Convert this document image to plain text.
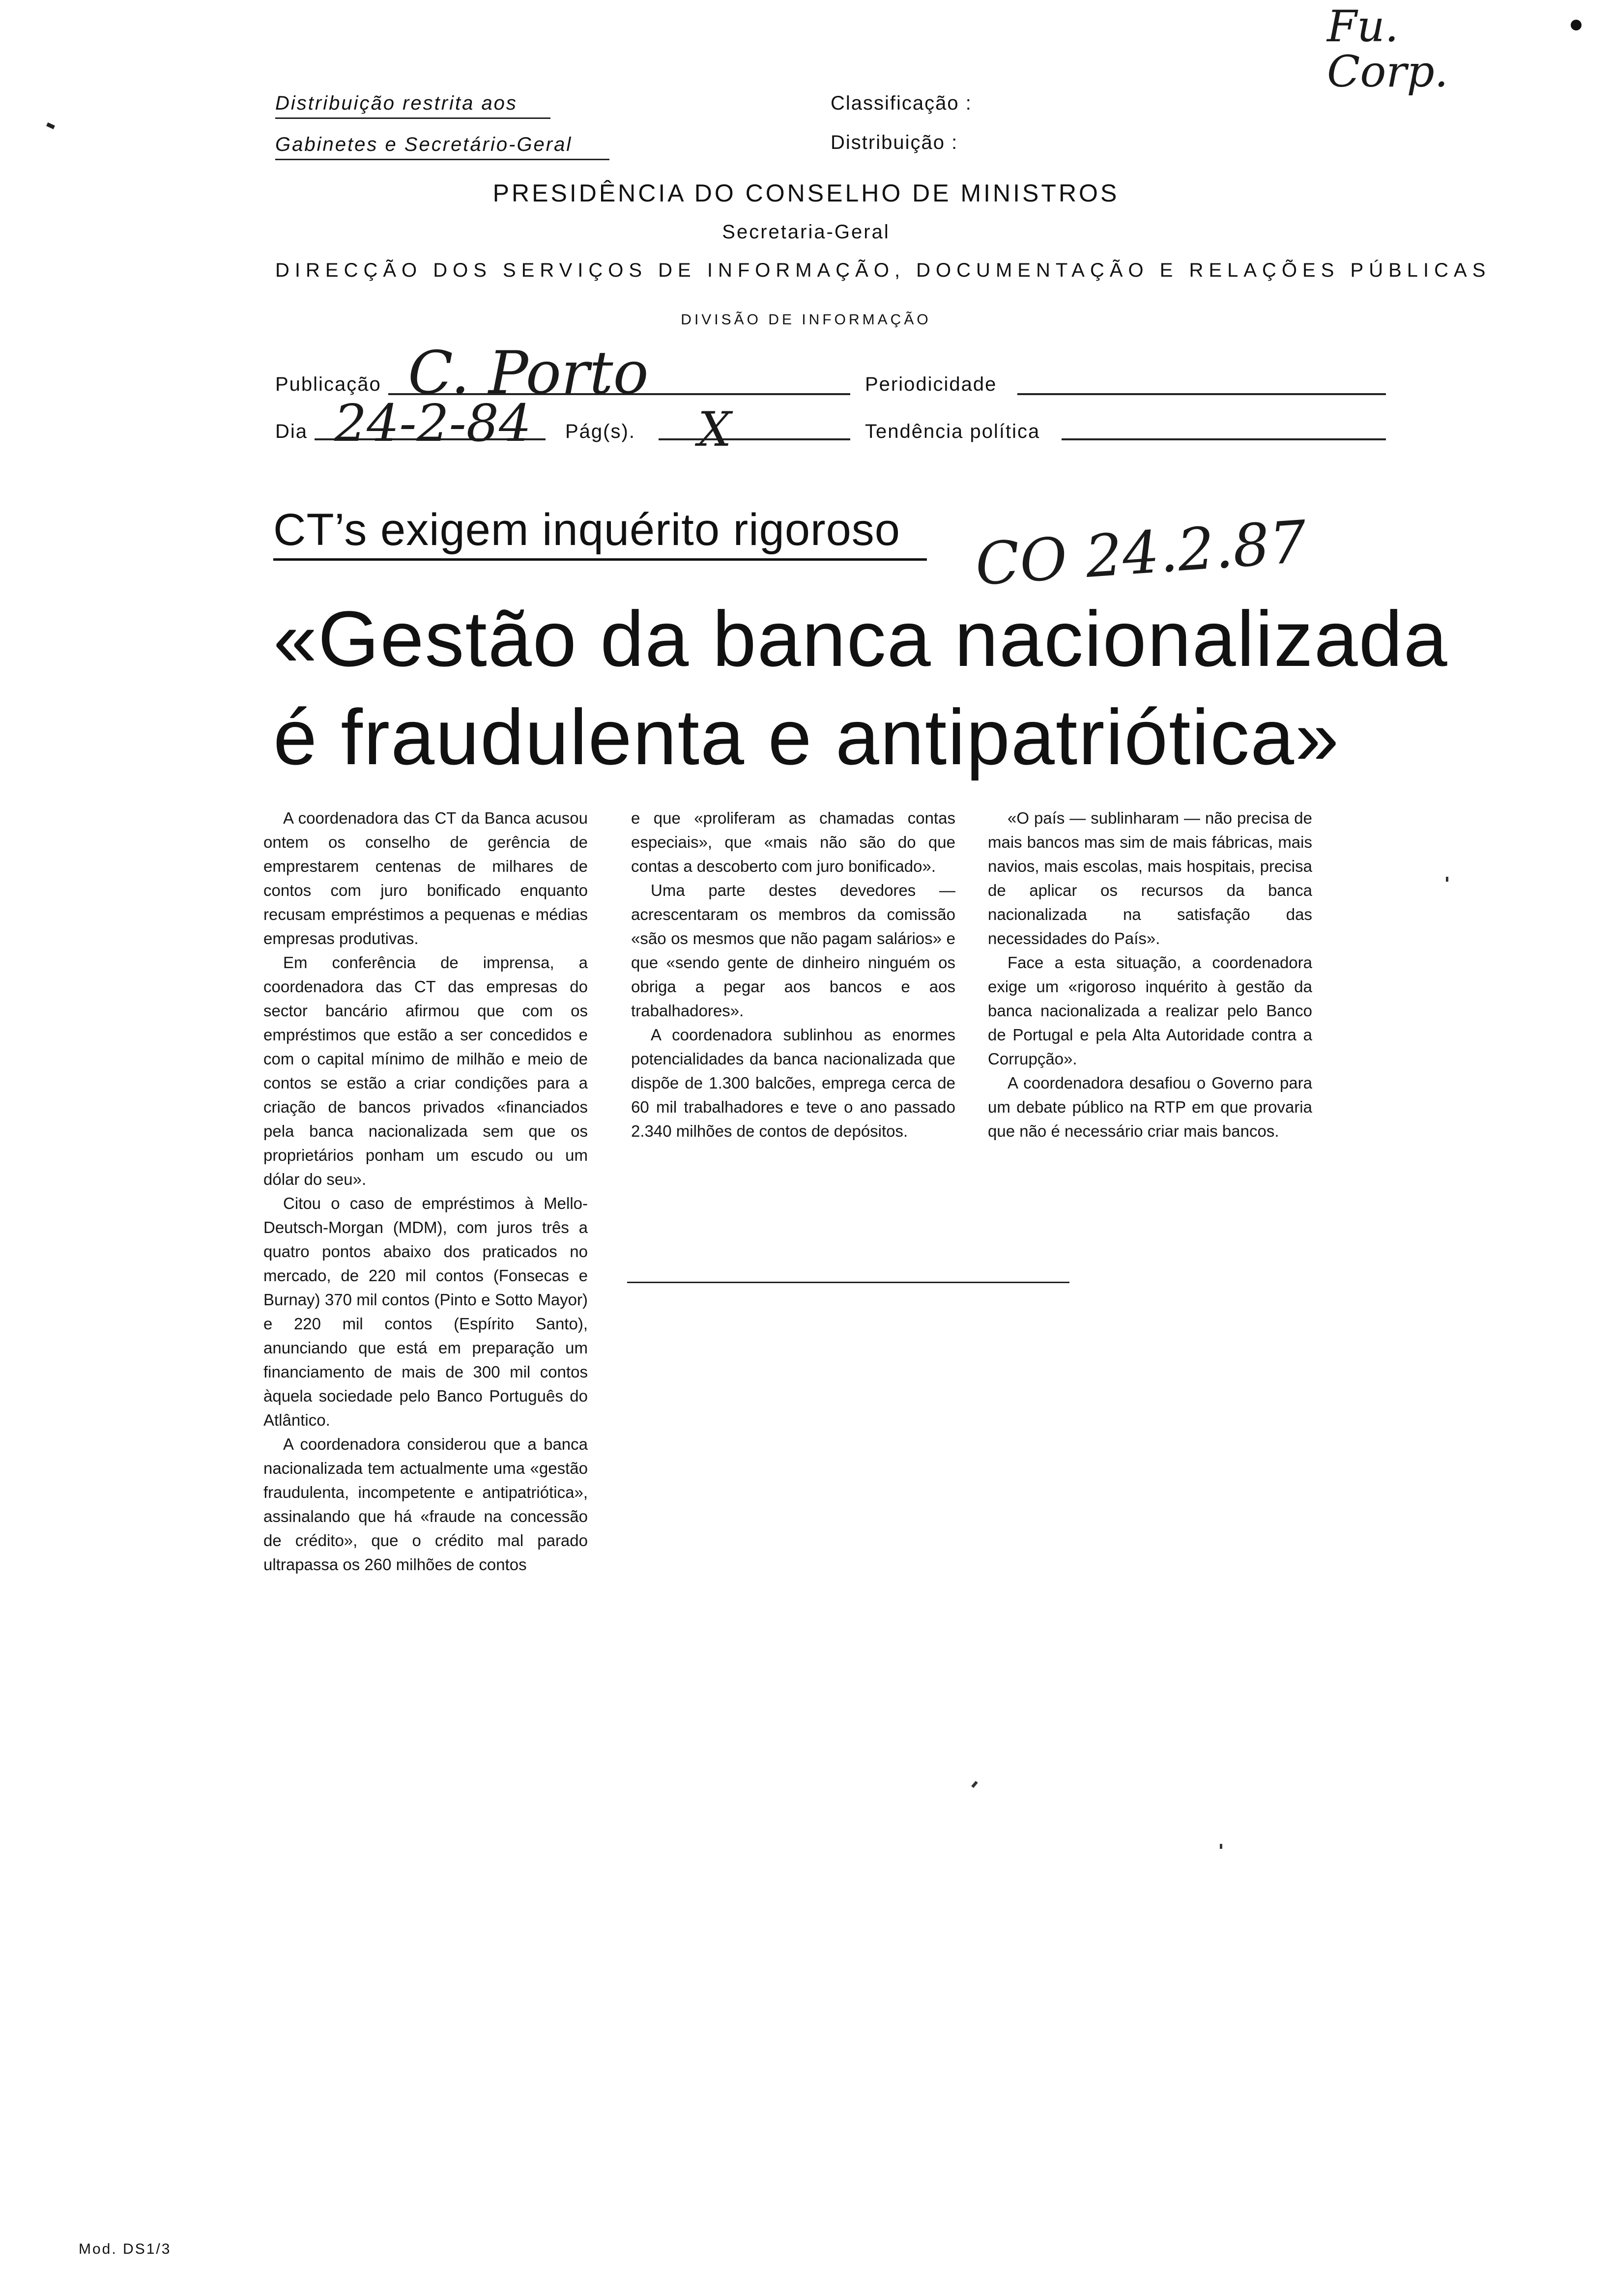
Fu.
Corp.
Distribuição restrita aos
Gabinetes e Secretário-Geral
Classificação :
Distribuição :
PRESIDÊNCIA DO CONSELHO DE MINISTROS
Secretaria-Geral
DIRECÇÃO DOS SERVIÇOS DE INFORMAÇÃO, DOCUMENTAÇÃO E RELAÇÕES PÚBLICAS
DIVISÃO DE INFORMAÇÃO
Publicação C. Porto	Periodicidade
Dia 24-2-84 Pág(s). X	Tendência política
CT’s exigem inquérito rigoroso	CO 24.2.87
«Gestão da banca nacionalizada
é fraudulenta e antipatriótica»

A coordenadora das CT da Banca acusou ontem os conselho de gerência de emprestarem centenas de milhares de contos com juro bonificado enquanto recusam empréstimos a pequenas e médias empresas produtivas.

Em conferência de imprensa, a coordenadora das CT das empresas do sector bancário afirmou que com os empréstimos que estão a ser concedidos e com o capital mínimo de milhão e meio de contos se estão a criar condições para a criação de bancos privados «financiados pela banca nacionalizada sem que os proprietários ponham um escudo ou um dólar do seu».

Citou o caso de empréstimos à Mello-Deutsch-Morgan (MDM), com juros três a quatro pontos abaixo dos praticados no mercado, de 220 mil contos (Fonsecas e Burnay) 370 mil contos (Pinto e Sotto Mayor) e 220 mil contos (Espírito Santo), anunciando que está em preparação um financiamento de mais de 300 mil contos àquela sociedade pelo Banco Português do Atlântico.

A coordenadora considerou que a banca nacionalizada tem actualmente uma «gestão fraudulenta, incompetente e antipatriótica», assinalando que há «fraude na concessão de crédito», que o crédito mal parado ultrapassa os 260 milhões de contos

e que «proliferam as chamadas contas especiais», que «mais não são do que contas a descoberto com juro bonificado».

Uma parte destes devedores — acrescentaram os membros da comissão «são os mesmos que não pagam salários» e que «sendo gente de dinheiro ninguém os obriga a pegar aos bancos e aos trabalhadores».

A coordenadora sublinhou as enormes potencialidades da banca nacionalizada que dispõe de 1.300 balcões, emprega cerca de 60 mil trabalhadores e teve o ano passado 2.340 milhões de contos de depósitos.

«O país — sublinharam — não precisa de mais bancos mas sim de mais fábricas, mais navios, mais escolas, mais hospitais, precisa de aplicar os recursos da banca nacionalizada na satisfação das necessidades do País».

Face a esta situação, a coordenadora exige um «rigoroso inquérito à gestão da banca nacionalizada a realizar pelo Banco de Portugal e pela Alta Autoridade contra a Corrupção».

A coordenadora desafiou o Governo para um debate público na RTP em que provaria que não é necessário criar mais bancos.

Mod. DS1/3
